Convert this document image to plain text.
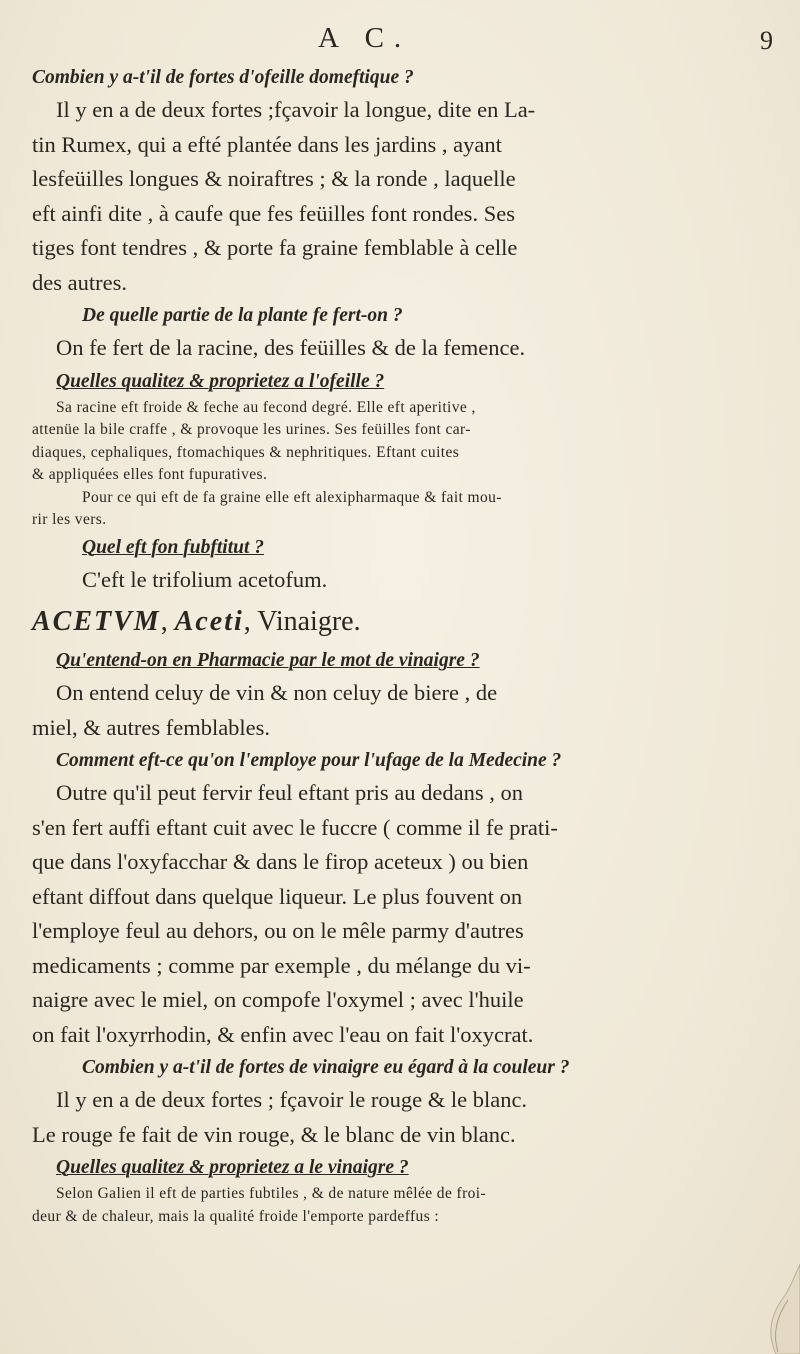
A C.	9
Combien y a-t'il de fortes d'ofeille domeftique ?
Il y en a de deux fortes ;fçavoir la longue, dite en La-
tin Rumex, qui a efté plantée dans les jardins , ayant
lesfeüilles longues & noiraftres ; & la ronde , laquelle
eft ainfi dite , à caufe que fes feüilles font rondes. Ses
tiges font tendres , & porte fa graine femblable à celle
des autres.
De quelle partie de la plante fe fert-on ?
On fe fert de la racine, des feüilles & de la femence.
Quelles qualitez & proprietez a l'ofeille ?
Sa racine eft froide & feche au fecond degré. Elle eft aperitive ,
attenüe la bile craffe , & provoque les urines. Ses feüilles font car-
diaques, cephaliques, ftomachiques & nephritiques. Eftant cuites
& appliquées elles font fupuratives.
Pour ce qui eft de fa graine elle eft alexipharmaque & fait mou-
rir les vers.
Quel eft fon fubftitut ?
C'eft le trifolium acetofum.
ACETVM, Aceti, Vinaigre.
Qu'entend-on en Pharmacie par le mot de vinaigre ?
On entend celuy de vin & non celuy de biere , de
miel, & autres femblables.
Comment eft-ce qu'on l'employe pour l'ufage de la Medecine ?
Outre qu'il peut fervir feul eftant pris au dedans , on
s'en fert auffi eftant cuit avec le fuccre ( comme il fe prati-
que dans l'oxyfacchar & dans le firop aceteux ) ou bien
eftant diffout dans quelque liqueur. Le plus fouvent on
l'employe feul au dehors, ou on le mêle parmy d'autres
medicaments ; comme par exemple , du mélange du vi-
naigre avec le miel, on compofe l'oxymel ; avec l'huile
on fait l'oxyrrhodin, & enfin avec l'eau on fait l'oxycrat.
Combien y a-t'il de fortes de vinaigre eu égard à la couleur ?
Il y en a de deux fortes ; fçavoir le rouge & le blanc.
Le rouge fe fait de vin rouge, & le blanc de vin blanc.
Quelles qualitez & proprietez a le vinaigre ?
Selon Galien il eft de parties fubtiles , & de nature mêlée de froi-
deur & de chaleur, mais la qualité froide l'emporte pardeffus :
